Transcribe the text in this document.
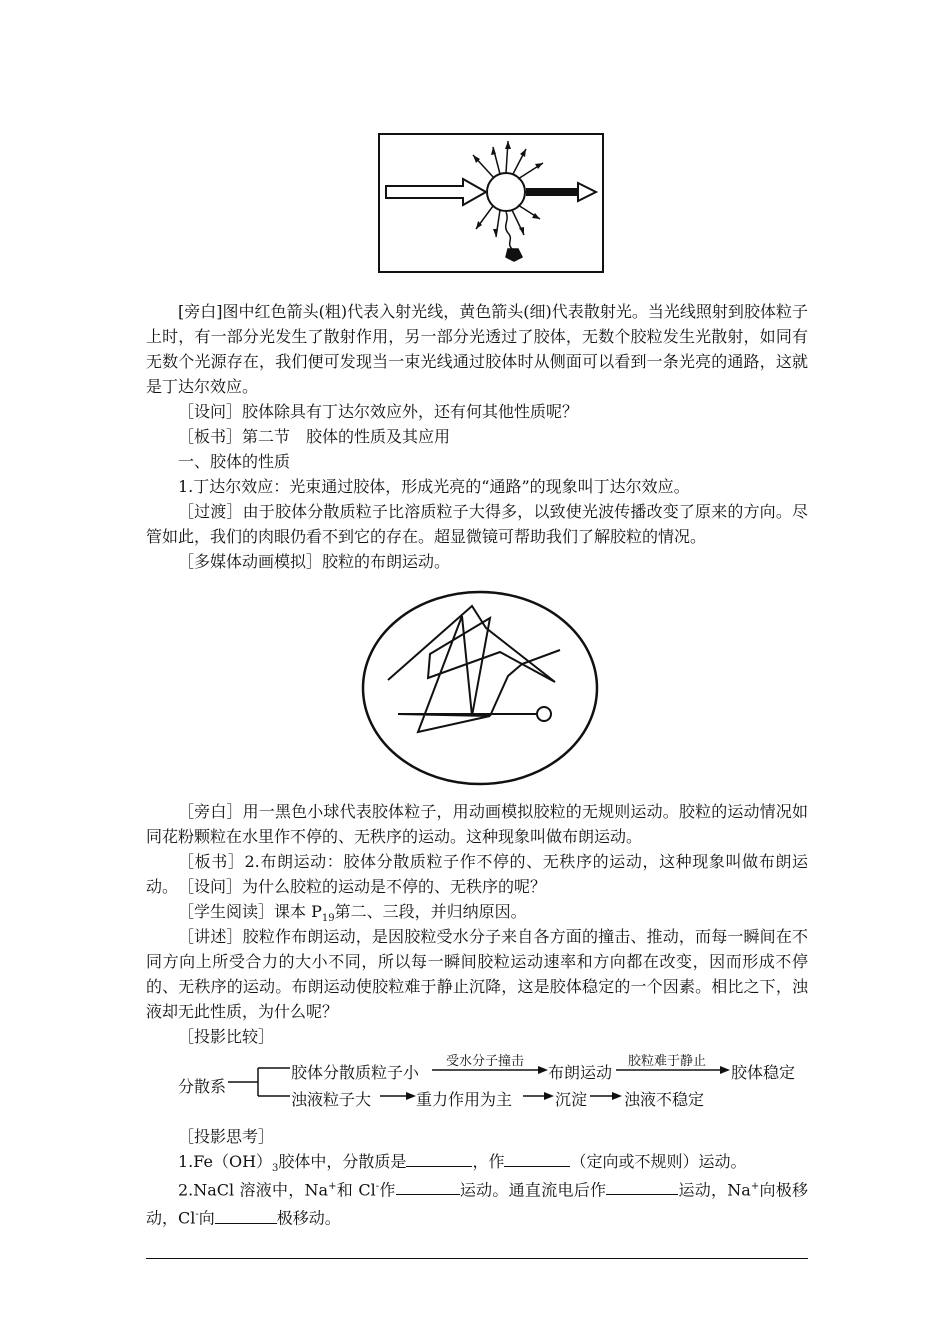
[旁白]图中红色箭头(粗)代表入射光线，黄色箭头(细)代表散射光。当光线照射到胶体粒子上时，有一部分光发生了散射作用，另一部分光透过了胶体，无数个胶粒发生光散射，如同有无数个光源存在，我们便可发现当一束光线通过胶体时从侧面可以看到一条光亮的通路，这就是丁达尔效应。

［设问］胶体除具有丁达尔效应外，还有何其他性质呢？

［板书］第二节　胶体的性质及其应用

一、胶体的性质

1.丁达尔效应：光束通过胶体，形成光亮的“通路”的现象叫丁达尔效应。

［过渡］由于胶体分散质粒子比溶质粒子大得多，以致使光波传播改变了原来的方向。尽管如此，我们的肉眼仍看不到它的存在。超显微镜可帮助我们了解胶粒的情况。

［多媒体动画模拟］胶粒的布朗运动。

［旁白］用一黑色小球代表胶体粒子，用动画模拟胶粒的无规则运动。胶粒的运动情况如同花粉颗粒在水里作不停的、无秩序的运动。这种现象叫做布朗运动。

［板书］2.布朗运动：胶体分散质粒子作不停的、无秩序的运动，这种现象叫做布朗运动。 ［设问］为什么胶粒的运动是不停的、无秩序的呢？

［学生阅读］课本 $P_{19}$第二、三段，并归纳原因。

［讲述］胶粒作布朗运动，是因胶粒受水分子来自各方面的撞击、推动，而每一瞬间在不同方向上所受合力的大小不同，所以每一瞬间胶粒运动速率和方向都在改变，因而形成不停的、无秩序的运动。布朗运动使胶粒难于静止沉降，这是胶体稳定的一个因素。相比之下，浊液却无此性质，为什么呢？

［投影比较］

分散系
胶体分散质粒子小
受水分子撞击
布朗运动
胶粒难于静止
胶体稳定
浊液粒子大	重力作用为主	沉淀 浊液不稳定

［投影思考］

$1.Fe(OH)_3$胶体中，分散质是	，作	（定向或不规则）运动。

2.NaCl 溶液中，Na+和 Cl-作	运动。通直流电后作	运动，Na+向极移动，Cl-向	极移动。
